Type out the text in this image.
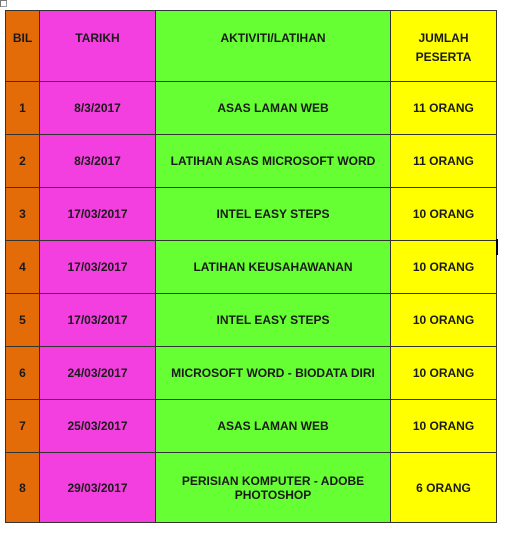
BIL	TARIKH	AKTIVITI/LATIHAN	JUMLAH
PESERTA
1	8/3/2017	ASAS LAMAN WEB	11 ORANG
2	8/3/2017	LATIHAN ASAS MICROSOFT WORD	11 ORANG
3	17/03/2017	INTEL EASY STEPS	10 ORANG
4	17/03/2017	LATIHAN KEUSAHAWANAN	10 ORANG
5	17/03/2017	INTEL EASY STEPS	10 ORANG
6	24/03/2017	MICROSOFT WORD - BIODATA DIRI	10 ORANG
7	25/03/2017	ASAS LAMAN WEB	10 ORANG
8	29/03/2017	PERISIAN KOMPUTER - ADOBE PHOTOSHOP	6 ORANG
